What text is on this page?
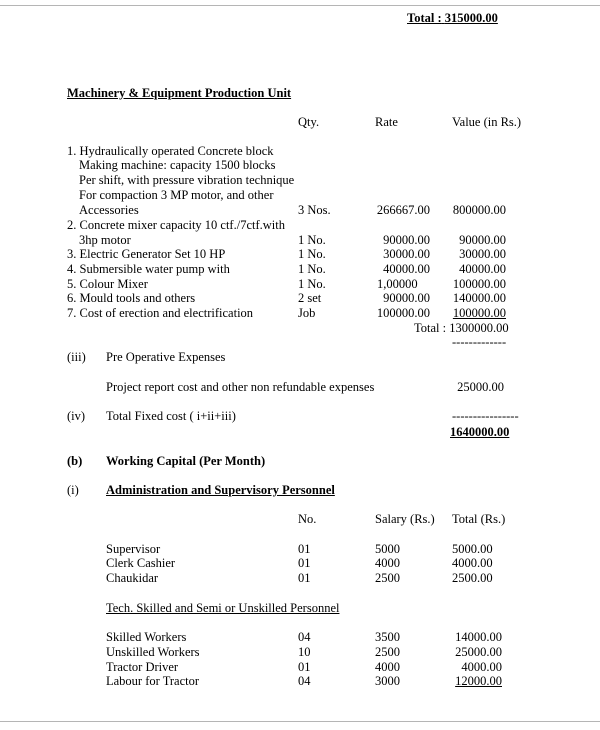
Total : 315000.00
Machinery & Equipment Production Unit
Qty.	Rate	Value (in Rs.)
1. Hydraulically operated Concrete block
Making machine: capacity 1500 blocks
Per shift, with pressure vibration technique
For compaction 3 MP motor, and other
Accessories	3 Nos.	266667.00	800000.00
2. Concrete mixer capacity 10 ctf./7ctf.with
3hp motor	1 No.	90000.00	90000.00
3. Electric Generator Set 10 HP	1 No.	30000.00	30000.00
4. Submersible water pump with	1 No.	40000.00	40000.00
5. Colour Mixer	1 No.	1,00000	100000.00
6. Mould tools and others	2 set	90000.00	140000.00
7. Cost of erection and electrification	Job	100000.00	100000.00
Total : 1300000.00
-------------
(iii) Pre Operative Expenses
Project report cost and other non refundable expenses	25000.00
(iv) Total Fixed cost ( i+ii+iii)	----------------
1640000.00
(b) Working Capital (Per Month)
(i) Administration and Supervisory Personnel
No.	Salary (Rs.) Total (Rs.)
Supervisor	01	5000	5000.00
Clerk Cashier	01	4000	4000.00
Chaukidar	01	2500	2500.00
Tech. Skilled and Semi or Unskilled Personnel
Skilled Workers	04	3500	14000.00
Unskilled Workers	10	2500	25000.00
Tractor Driver	01	4000	4000.00
Labour for Tractor	04	3000	12000.00
